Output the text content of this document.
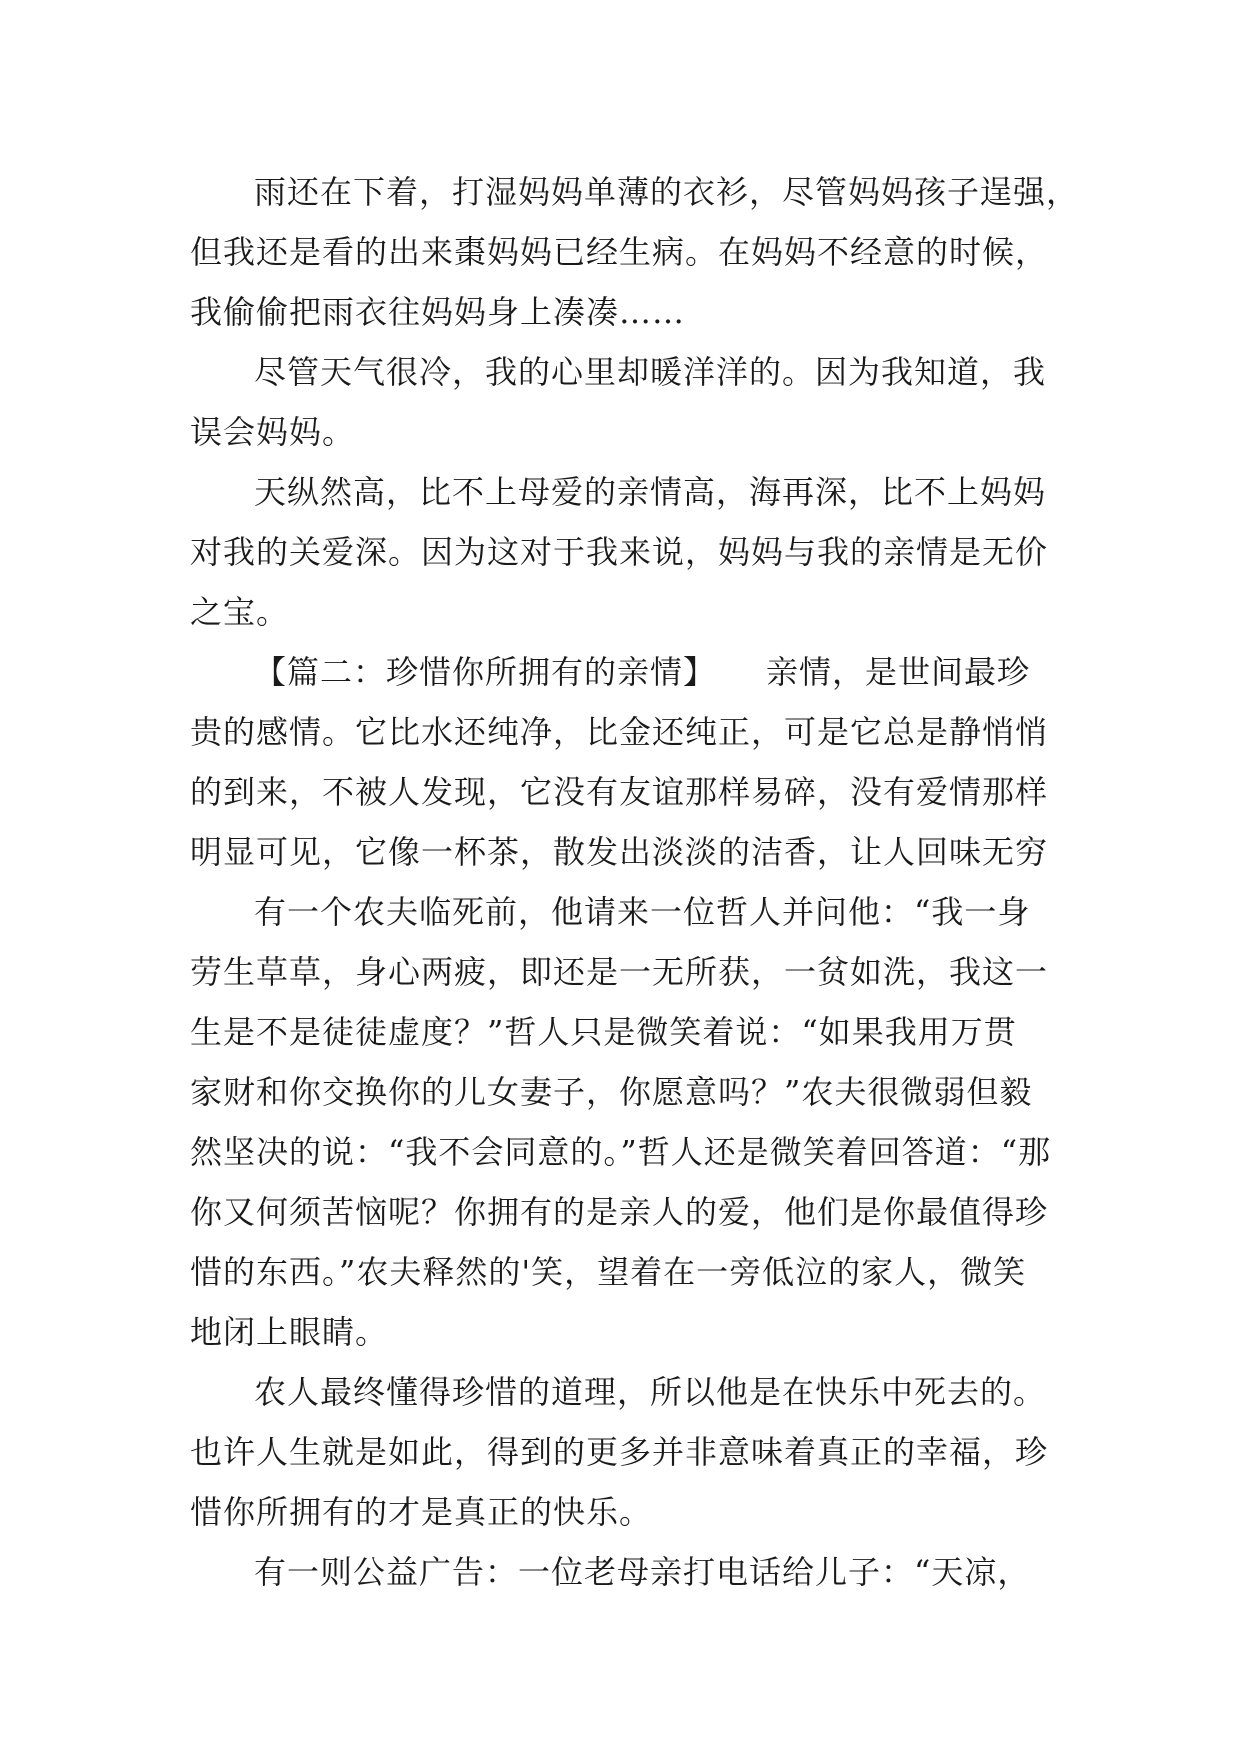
雨还在下着，打湿妈妈单薄的衣衫，尽管妈妈孩子逞强，
但我还是看的出来棗妈妈已经生病。在妈妈不经意的时候，
我偷偷把雨衣往妈妈身上凑凑……
尽管天气很冷，我的心里却暖洋洋的。因为我知道，我
误会妈妈。
天纵然高，比不上母爱的亲情高，海再深，比不上妈妈
对我的关爱深。因为这对于我来说，妈妈与我的亲情是无价
之宝。
【篇二：珍惜你所拥有的亲情】　　亲情，是世间最珍
贵的感情。它比水还纯净，比金还纯正，可是它总是静悄悄
的到来，不被人发现，它没有友谊那样易碎，没有爱情那样
明显可见，它像一杯茶，散发出淡淡的洁香，让人回味无穷
有一个农夫临死前，他请来一位哲人并问他：“我一身
劳生草草，身心两疲，即还是一无所获，一贫如洗，我这一
生是不是徒徒虚度？”哲人只是微笑着说：“如果我用万贯
家财和你交换你的儿女妻子，你愿意吗？”农夫很微弱但毅
然坚决的说：“我不会同意的。”哲人还是微笑着回答道：“那
你又何须苦恼呢？你拥有的是亲人的爱，他们是你最值得珍
惜的东西。”农夫释然的'笑，望着在一旁低泣的家人，微笑
地闭上眼睛。
农人最终懂得珍惜的道理，所以他是在快乐中死去的。
也许人生就是如此，得到的更多并非意味着真正的幸福，珍
惜你所拥有的才是真正的快乐。
有一则公益广告：一位老母亲打电话给儿子：“天凉，
